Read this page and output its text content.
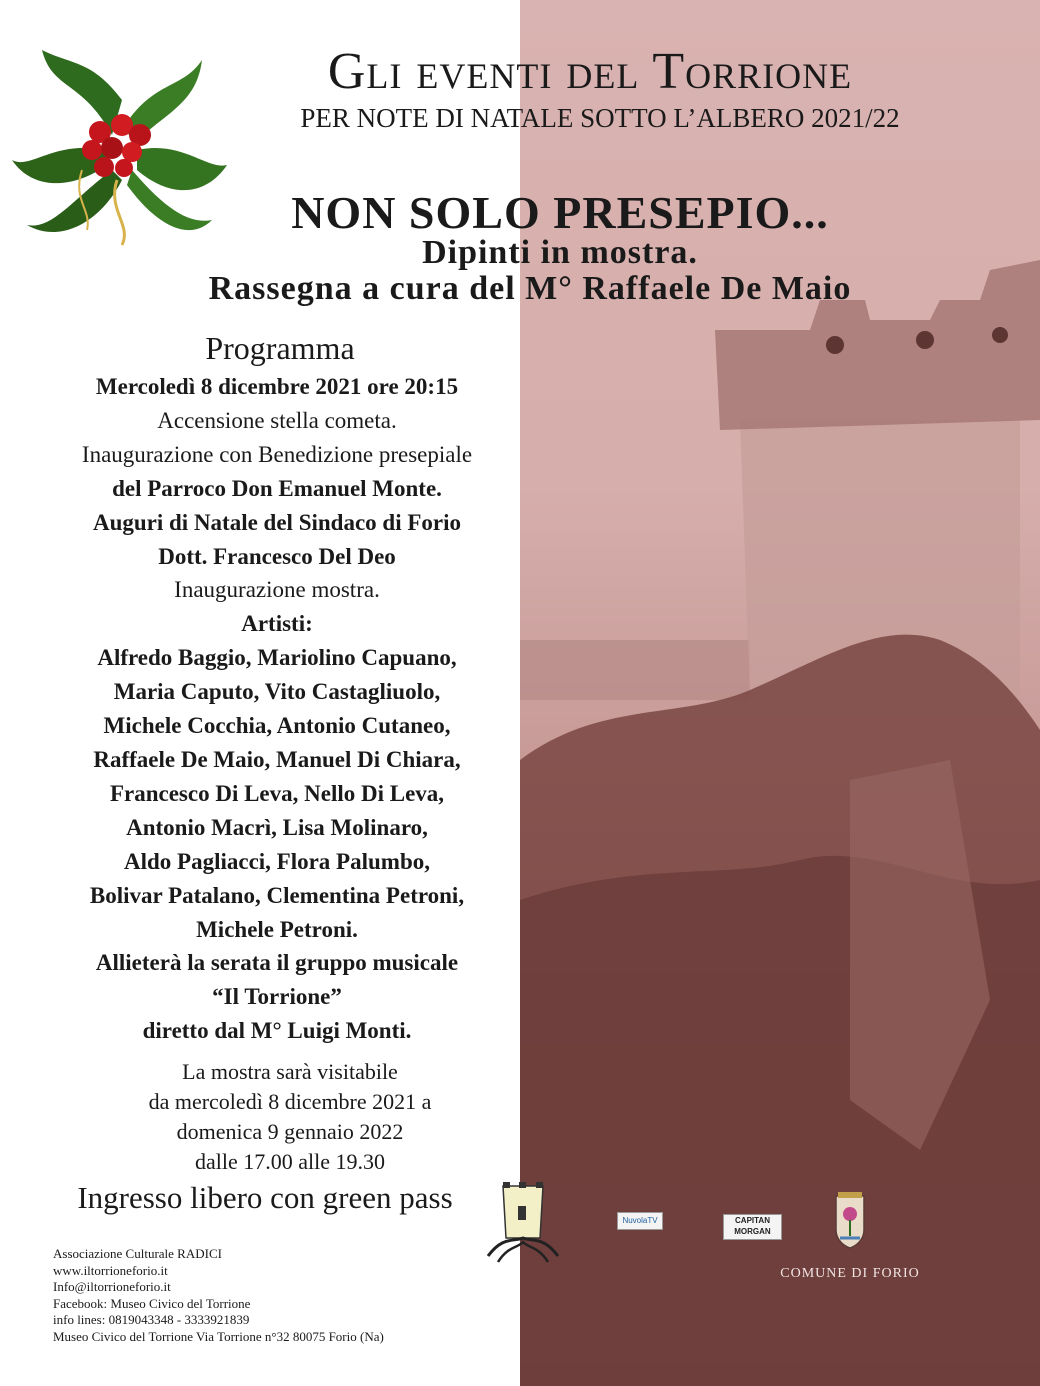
Gli eventi del Torrione
PER NOTE DI NATALE SOTTO L’ALBERO 2021/22
NON SOLO PRESEPIO...
Dipinti in mostra.
Rassegna a cura del M° Raffaele De Maio
Programma
Mercoledì 8 dicembre 2021 ore 20:15
Accensione stella cometa.
Inaugurazione con Benedizione presepiale
del Parroco Don Emanuel Monte.
Auguri di Natale del Sindaco di Forio
Dott. Francesco Del Deo
Inaugurazione mostra.
Artisti:
Alfredo Baggio, Mariolino Capuano,
Maria Caputo, Vito Castagliuolo,
Michele Cocchia, Antonio Cutaneo,
Raffaele De Maio, Manuel Di Chiara,
Francesco Di Leva, Nello Di Leva,
Antonio Macrì, Lisa Molinaro,
Aldo Pagliacci, Flora Palumbo,
Bolivar Patalano, Clementina Petroni,
Michele Petroni.
Allieterà la serata il gruppo musicale
“Il Torrione”
diretto dal M° Luigi Monti.
La mostra sarà visitabile
da mercoledì 8 dicembre 2021 a
domenica 9 gennaio 2022
dalle 17.00 alle 19.30
Ingresso libero con green pass
Associazione Culturale RADICI
www.iltorrioneforio.it
Info@iltorrioneforio.it
Facebook: Museo Civico del Torrione
info lines: 0819043348 - 3333921839
Museo Civico del Torrione Via Torrione n°32 80075 Forio (Na)
NuvolaTV	CAPITAN
MORGAN
COMUNE DI FORIO
